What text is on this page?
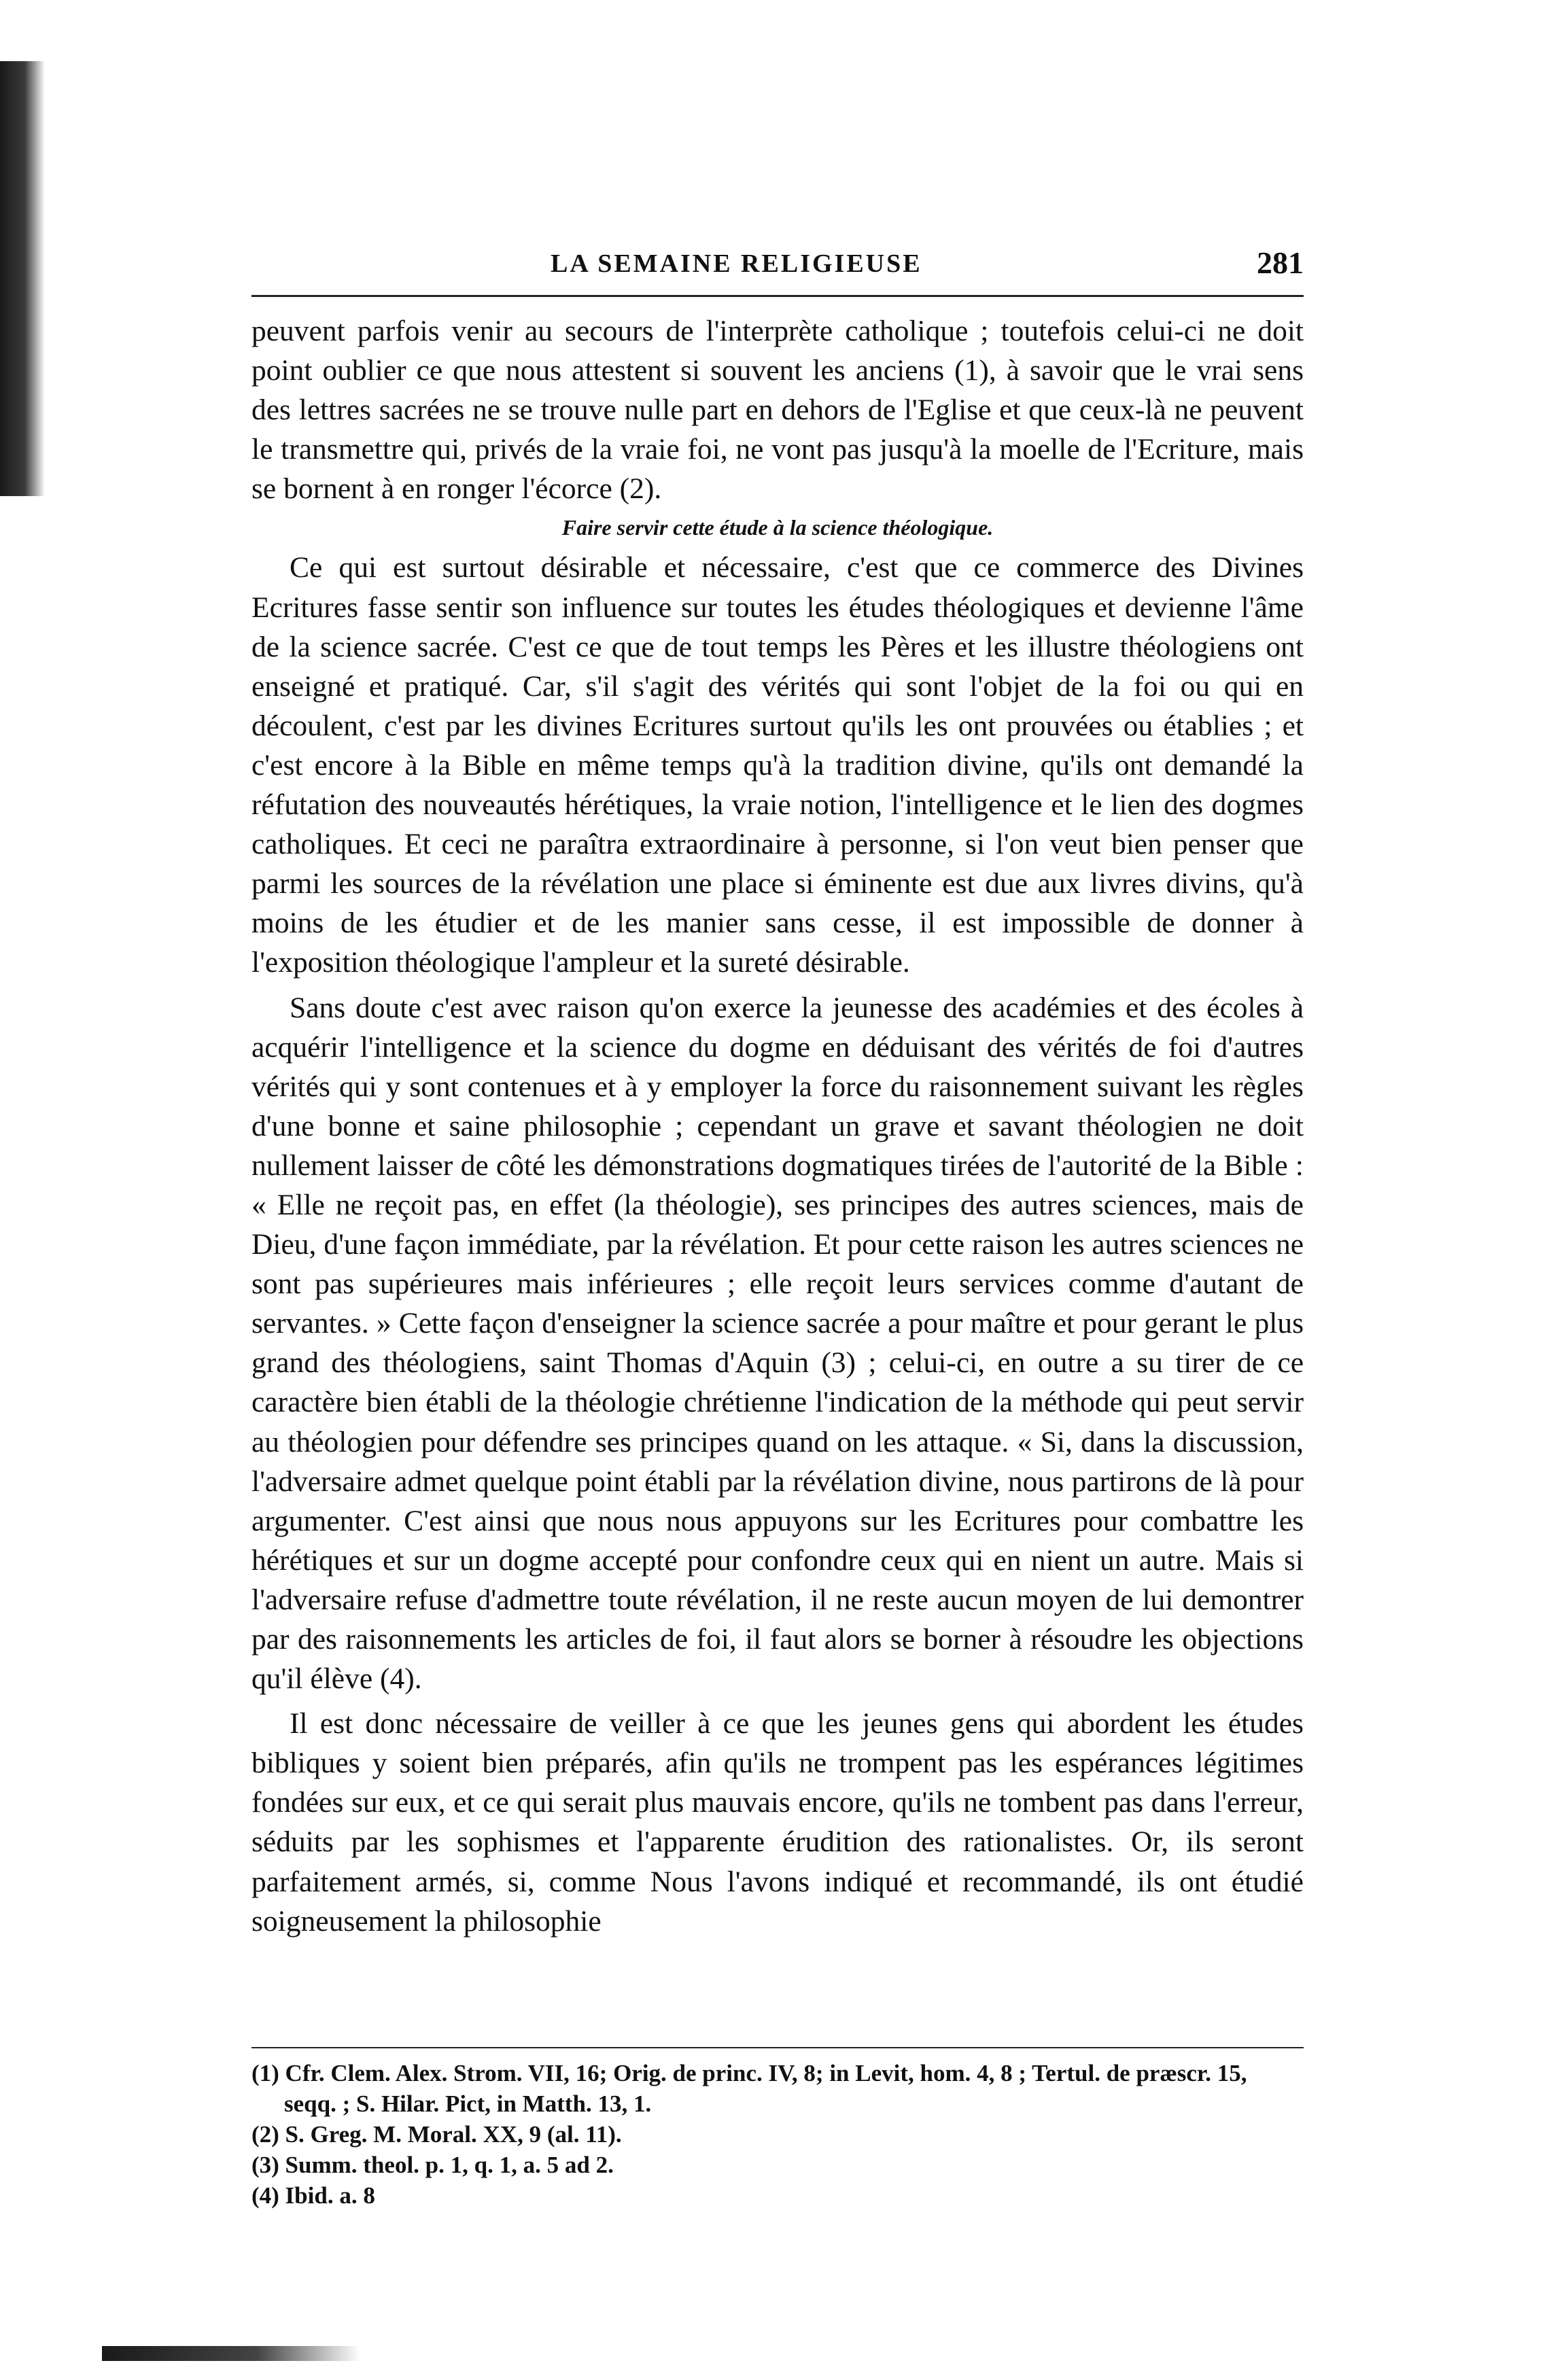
LA SEMAINE RELIGIEUSE	281

peuvent parfois venir au secours de l'interprète catholique ; toutefois celui-ci ne doit point oublier ce que nous attestent si souvent les anciens (1), à savoir que le vrai sens des lettres sacrées ne se trouve nulle part en dehors de l'Eglise et que ceux-là ne peuvent le transmettre qui, privés de la vraie foi, ne vont pas jusqu'à la moelle de l'Ecriture, mais se bornent à en ronger l'écorce (2).

Faire servir cette étude à la science théologique.

Ce qui est surtout désirable et nécessaire, c'est que ce commerce des Divines Ecritures fasse sentir son influence sur toutes les études théologiques et devienne l'âme de la science sacrée. C'est ce que de tout temps les Pères et les illustre théologiens ont enseigné et pratiqué. Car, s'il s'agit des vérités qui sont l'objet de la foi ou qui en découlent, c'est par les divines Ecritures surtout qu'ils les ont prouvées ou établies ; et c'est encore à la Bible en même temps qu'à la tradition divine, qu'ils ont demandé la réfutation des nouveautés hérétiques, la vraie notion, l'intelligence et le lien des dogmes catholiques. Et ceci ne paraîtra extraordinaire à personne, si l'on veut bien penser que parmi les sources de la révélation une place si éminente est due aux livres divins, qu'à moins de les étudier et de les manier sans cesse, il est impossible de donner à l'exposition théologique l'ampleur et la sureté désirable.

Sans doute c'est avec raison qu'on exerce la jeunesse des académies et des écoles à acquérir l'intelligence et la science du dogme en déduisant des vérités de foi d'autres vérités qui y sont contenues et à y employer la force du raisonnement suivant les règles d'une bonne et saine philosophie ; cependant un grave et savant théologien ne doit nullement laisser de côté les démonstrations dogmatiques tirées de l'autorité de la Bible : « Elle ne reçoit pas, en effet (la théologie), ses principes des autres sciences, mais de Dieu, d'une façon immédiate, par la révélation. Et pour cette raison les autres sciences ne sont pas supérieures mais inférieures ; elle reçoit leurs services comme d'autant de servantes. » Cette façon d'enseigner la science sacrée a pour maître et pour gerant le plus grand des théologiens, saint Thomas d'Aquin (3) ; celui-ci, en outre a su tirer de ce caractère bien établi de la théologie chrétienne l'indication de la méthode qui peut servir au théologien pour défendre ses principes quand on les attaque. « Si, dans la discussion, l'adversaire admet quelque point établi par la révélation divine, nous partirons de là pour argumenter. C'est ainsi que nous nous appuyons sur les Ecritures pour combattre les hérétiques et sur un dogme accepté pour confondre ceux qui en nient un autre. Mais si l'adversaire refuse d'admettre toute révélation, il ne reste aucun moyen de lui demontrer par des raisonnements les articles de foi, il faut alors se borner à résoudre les objections qu'il élève (4).

Il est donc nécessaire de veiller à ce que les jeunes gens qui abordent les études bibliques y soient bien préparés, afin qu'ils ne trompent pas les espérances légitimes fondées sur eux, et ce qui serait plus mauvais encore, qu'ils ne tombent pas dans l'erreur, séduits par les sophismes et l'apparente érudition des rationalistes. Or, ils seront parfaitement armés, si, comme Nous l'avons indiqué et recommandé, ils ont étudié soigneusement la philosophie

(1) Cfr. Clem. Alex. Strom. VII, 16; Orig. de princ. IV, 8; in Levit, hom. 4, 8 ; Tertul. de præscr. 15, seqq. ; S. Hilar. Pict, in Matth. 13, 1.

(2) S. Greg. M. Moral. XX, 9 (al. 11).

(3) Summ. theol. p. 1, q. 1, a. 5 ad 2.

(4) Ibid. a. 8
